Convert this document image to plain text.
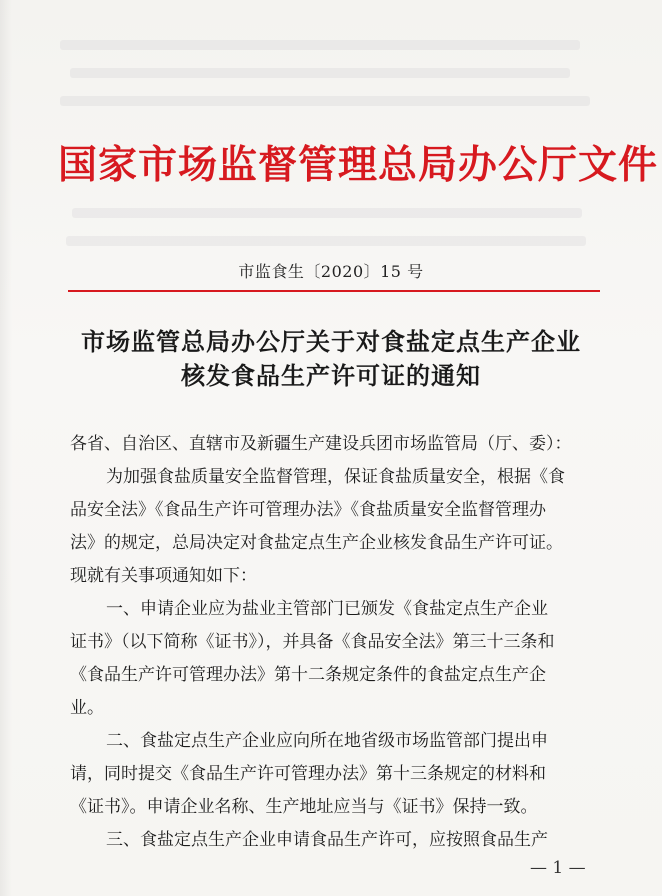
国家市场监督管理总局办公厅文件
市监食生〔2020〕15 号
市场监管总局办公厅关于对食盐定点生产企业
核发食品生产许可证的通知
各省、自治区、直辖市及新疆生产建设兵团市场监管局（厅、委）：
为加强食盐质量安全监督管理，保证食盐质量安全，根据《食
品安全法》《食品生产许可管理办法》《食盐质量安全监督管理办
法》的规定，总局决定对食盐定点生产企业核发食品生产许可证。
现就有关事项通知如下：
一、申请企业应为盐业主管部门已颁发《食盐定点生产企业
证书》（以下简称《证书》），并具备《食品安全法》第三十三条和
《食品生产许可管理办法》第十二条规定条件的食盐定点生产企
业。
二、食盐定点生产企业应向所在地省级市场监管部门提出申
请，同时提交《食品生产许可管理办法》第十三条规定的材料和
《证书》。申请企业名称、生产地址应当与《证书》保持一致。
三、食盐定点生产企业申请食品生产许可，应按照食品生产
— 1 —
